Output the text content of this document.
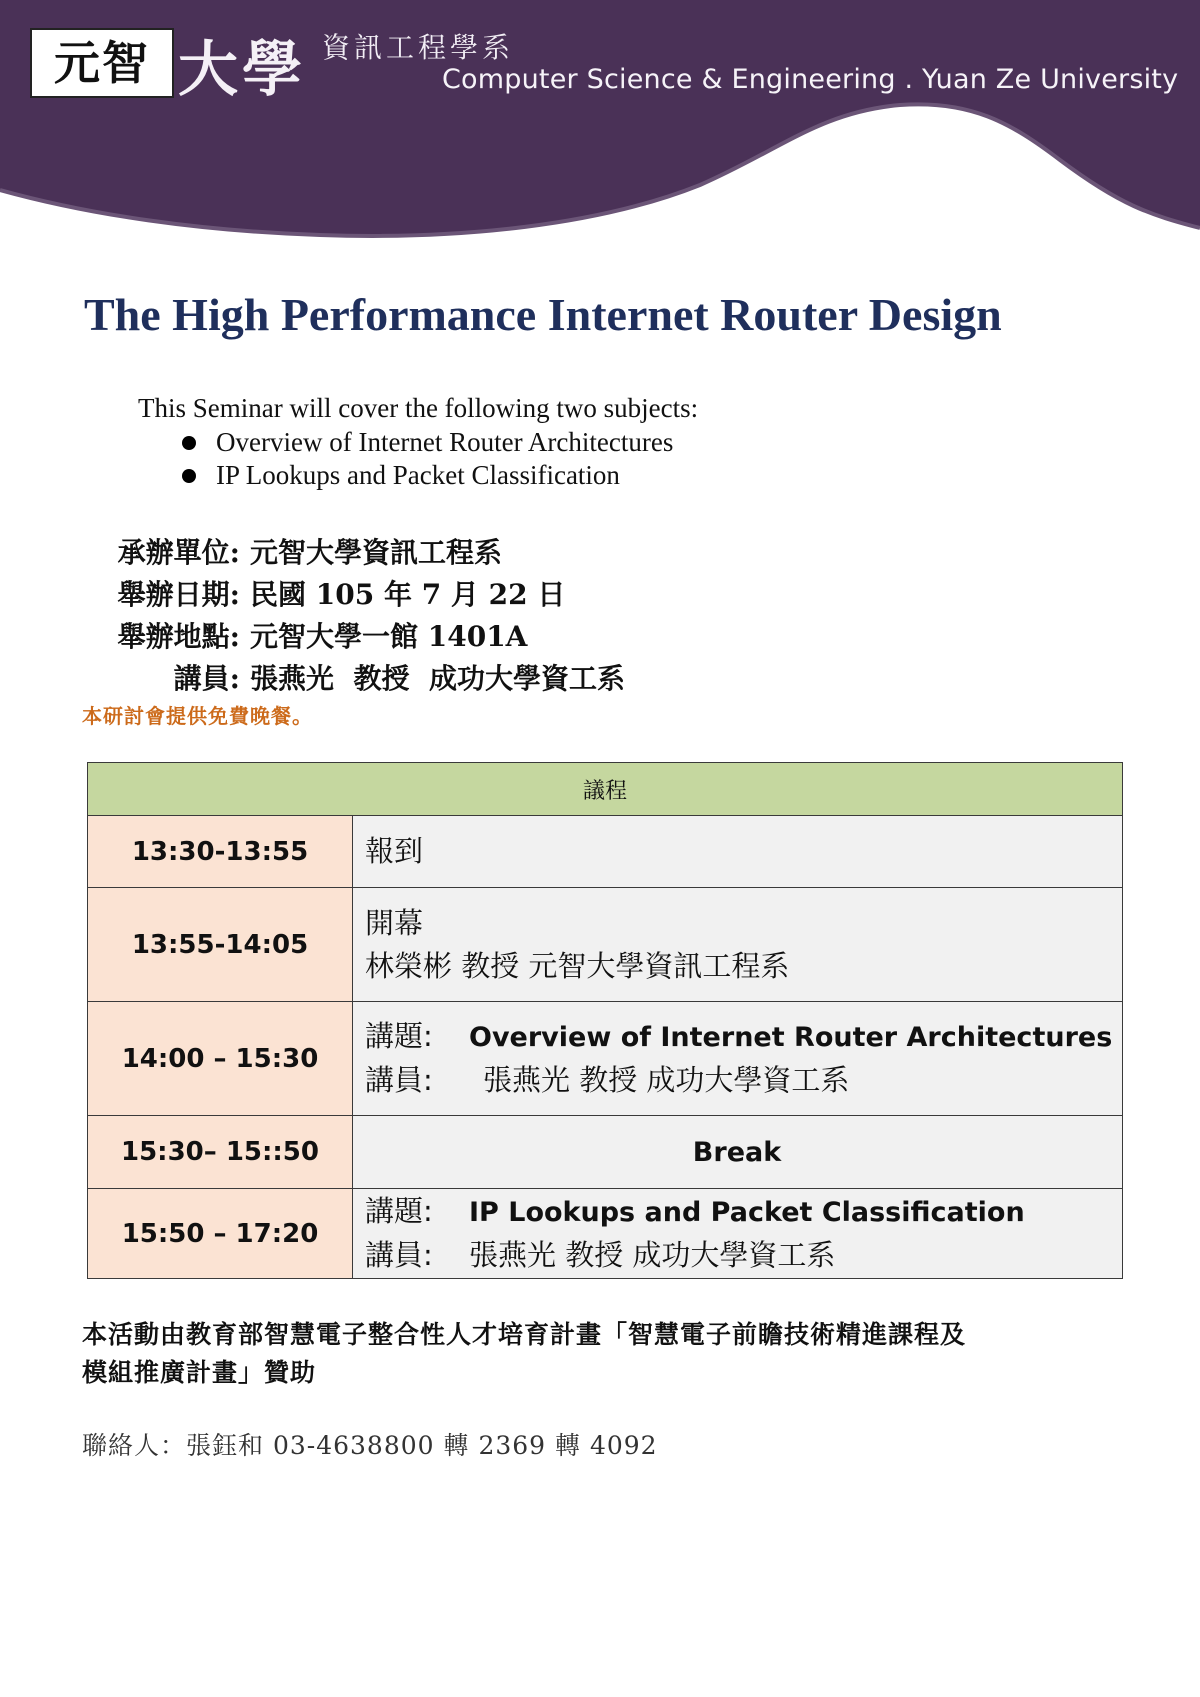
元智 大學 資訊工程學系
Computer Science & Engineering . Yuan Ze University
The High Performance Internet Router Design
This Seminar will cover the following two subjects:
Overview of Internet Router Architectures
IP Lookups and Packet Classification
承辦單位: 元智大學資訊工程系
舉辦日期: 民國 105 年 7 月 22 日
舉辦地點: 元智大學一館 1401A
講員: 張燕光  教授  成功大學資工系
本研討會提供免費晚餐。
議程	
13:30-13:55	報到
13:55-14:05	開幕
林榮彬 教授 元智大學資訊工程系

14:00 – 15:30	講題: Overview of Internet Router Architectures
講員: 張燕光 教授 成功大學資工系

15:30– 15::50	Break
15:50 – 17:20	講題: IP Lookups and Packet Classification
講員: 張燕光 教授 成功大學資工系
本活動由教育部智慧電子整合性人才培育計畫「智慧電子前瞻技術精進課程及
模組推廣計畫」贊助
聯絡人：張鈺和 03-4638800 轉 2369 轉 4092
